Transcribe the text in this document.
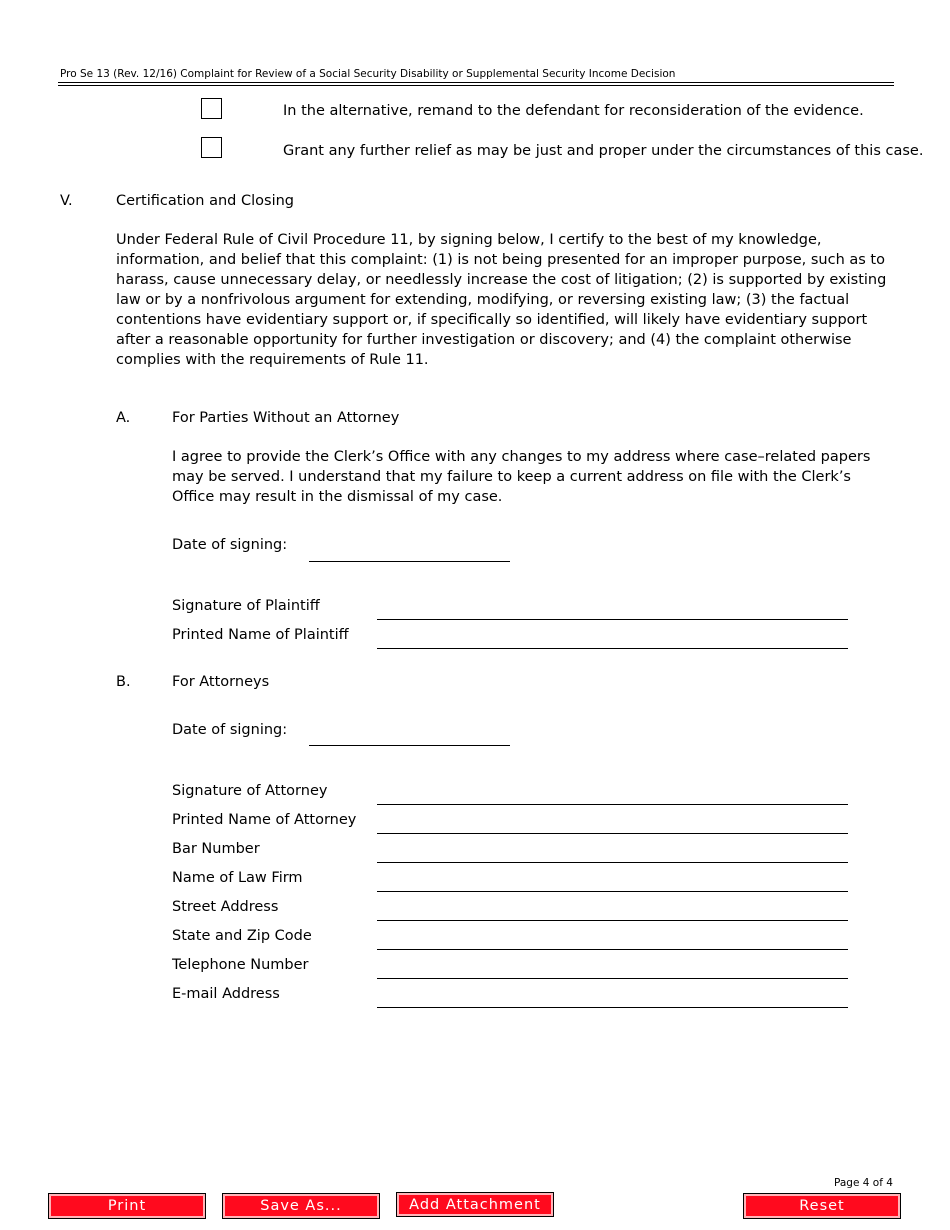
Pro Se 13 (Rev. 12/16) Complaint for Review of a Social Security Disability or Supplemental Security Income Decision
In the alternative, remand to the defendant for reconsideration of the evidence.
Grant any further relief as may be just and proper under the circumstances of this case.
V.	Certification and Closing
Under Federal Rule of Civil Procedure 11, by signing below, I certify to the best of my knowledge, information, and belief that this complaint: (1) is not being presented for an improper purpose, such as to harass, cause unnecessary delay, or needlessly increase the cost of litigation; (2) is supported by existing law or by a nonfrivolous argument for extending, modifying, or reversing existing law; (3) the factual contentions have evidentiary support or, if specifically so identified, will likely have evidentiary support after a reasonable opportunity for further investigation or discovery; and (4) the complaint otherwise complies with the requirements of Rule 11.
A.	For Parties Without an Attorney
I agree to provide the Clerk’s Office with any changes to my address where case–related papers may be served. I understand that my failure to keep a current address on file with the Clerk’s Office may result in the dismissal of my case.
Date of signing:
Signature of Plaintiff
Printed Name of Plaintiff
B.	For Attorneys
Date of signing:
Signature of Attorney
Printed Name of Attorney
Bar Number
Name of Law Firm
Street Address
State and Zip Code
Telephone Number
E-mail Address
Page 4 of 4
Print	Save As...	Add Attachment	Reset
